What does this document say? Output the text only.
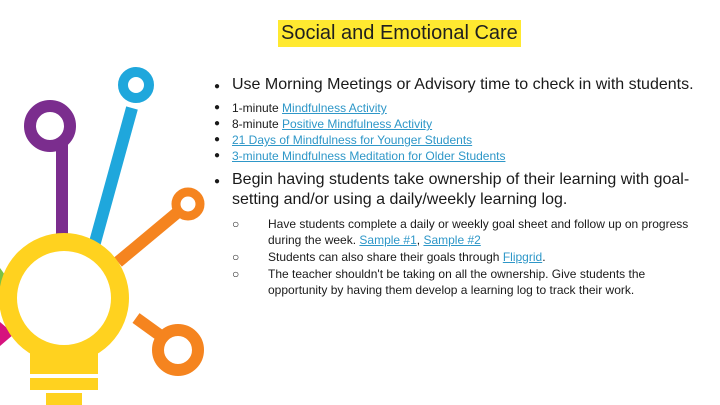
Social and Emotional Care
● Use Morning Meetings or Advisory time to check in with students.
● 1-minute Mindfulness Activity
● 8-minute Positive Mindfulness Activity
● 21 Days of Mindfulness for Younger Students
● 3-minute Mindfulness Meditation for Older Students
● Begin having students take ownership of their learning with goal-setting and/or using a daily/weekly learning log.
○ Have students complete a daily or weekly goal sheet and follow up on progress during the week. Sample #1, Sample #2
○ Students can also share their goals through Flipgrid.
○ The teacher shouldn't be taking on all the ownership. Give students the opportunity by having them develop a learning log to track their work.
